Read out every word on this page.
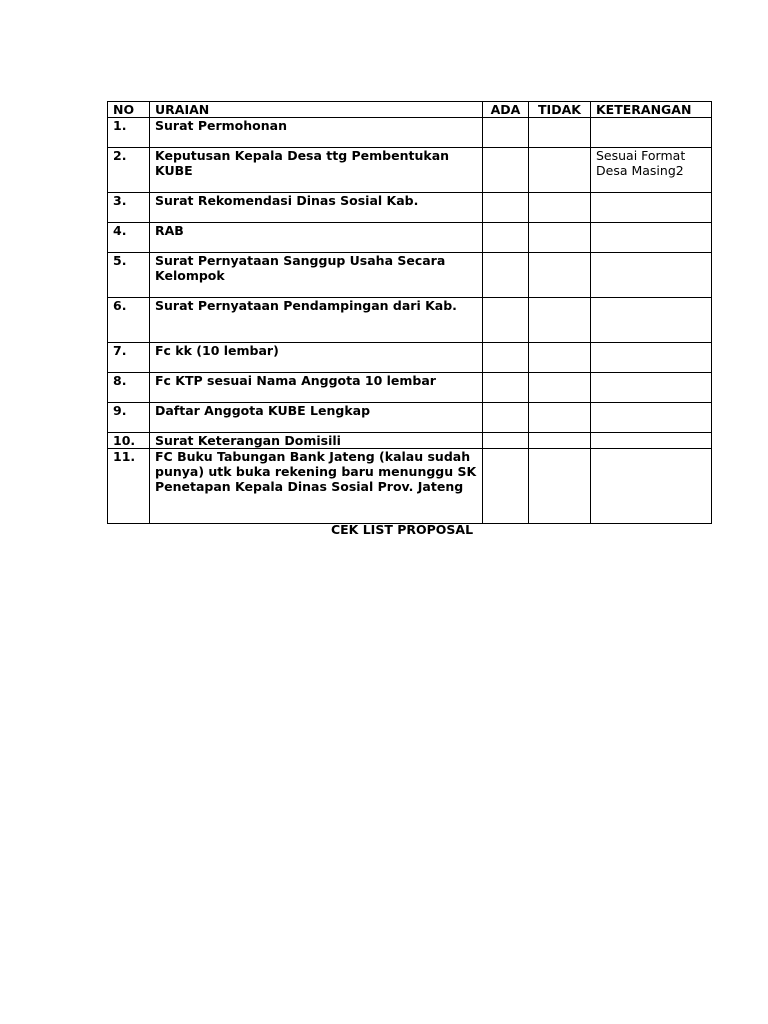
NO	URAIAN	ADA	TIDAK	KETERANGAN
1.	Surat Permohonan			
2.	Keputusan Kepala Desa ttg Pembentukan KUBE			Sesuai Format Desa Masing2
3.	Surat Rekomendasi Dinas Sosial Kab.			
4.	RAB			
5.	Surat Pernyataan Sanggup Usaha Secara Kelompok			
6.	Surat Pernyataan Pendampingan dari Kab.			
7.	Fc kk (10 lembar)			
8.	Fc KTP sesuai Nama Anggota 10 lembar			
9.	Daftar Anggota KUBE Lengkap			
10.	Surat Keterangan Domisili			
11.	FC Buku Tabungan Bank Jateng (kalau sudah punya) utk buka rekening baru menunggu SK Penetapan Kepala Dinas Sosial Prov. Jateng			
CEK LIST PROPOSAL
